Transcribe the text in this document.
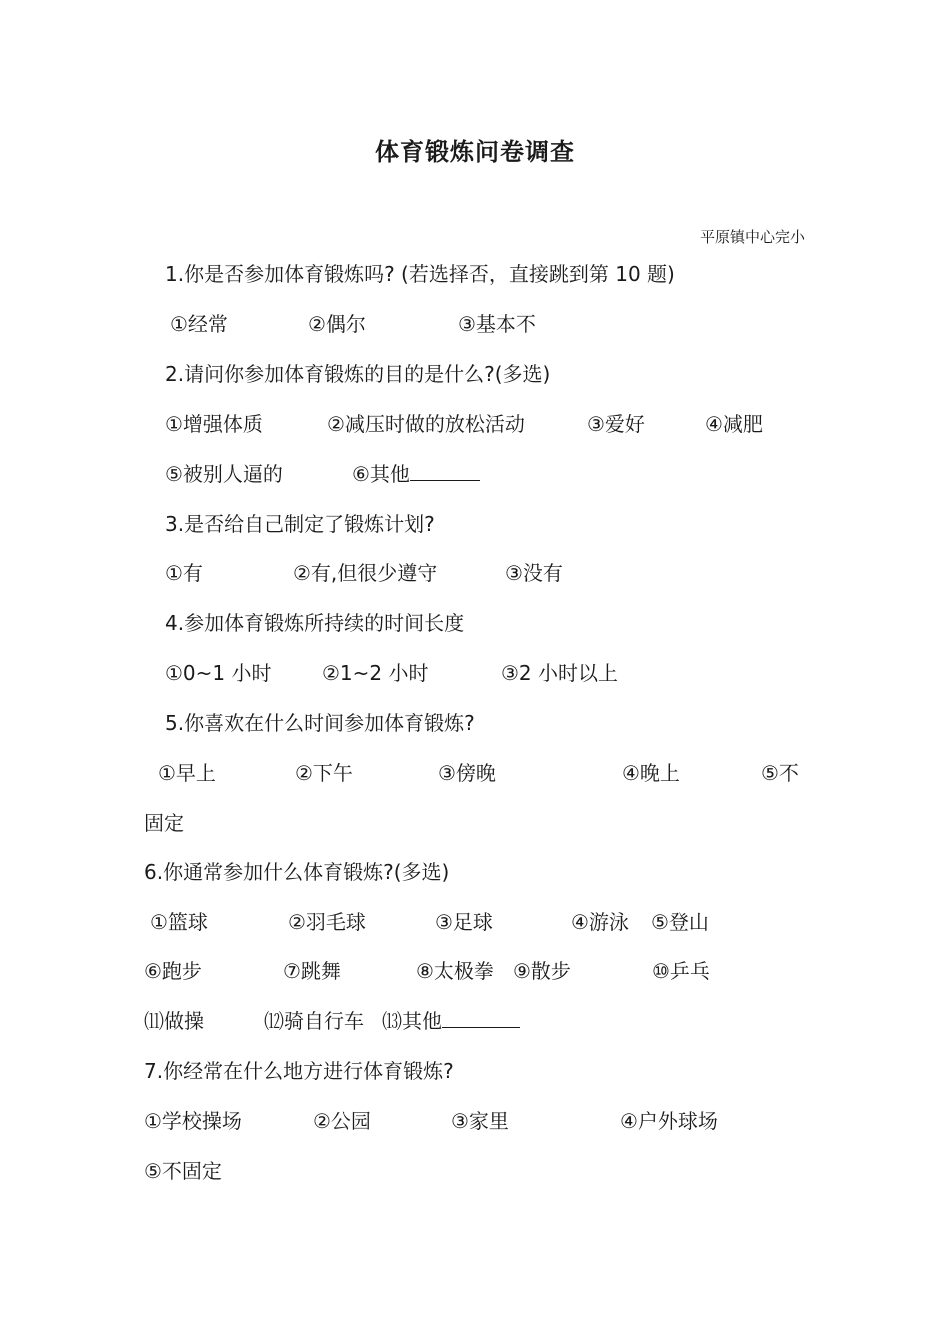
体育锻炼问卷调查
平原镇中心完小
1.你是否参加体育锻炼吗? (若选择否，直接跳到第 10 题)
①经常	②偶尔	③基本不
2.请问你参加体育锻炼的目的是什么?(多选)
①增强体质	②减压时做的放松活动	③爱好	④减肥
⑤被别人逼的	⑥其他
3.是否给自己制定了锻炼计划?
①有	②有,但很少遵守	③没有
4.参加体育锻炼所持续的时间长度
①0~1 小时	②1~2 小时	③2 小时以上
5.你喜欢在什么时间参加体育锻炼?
①早上	②下午	③傍晚	④晚上	⑤不
固定
6.你通常参加什么体育锻炼?(多选)
①篮球	②羽毛球	③足球	④游泳 ⑤登山
⑥跑步	⑦跳舞	⑧太极拳 ⑨散步	⑩乒乓
⑾做操	⑿骑自行车 ⒀其他
7.你经常在什么地方进行体育锻炼?
①学校操场	②公园	③家里	④户外球场
⑤不固定
